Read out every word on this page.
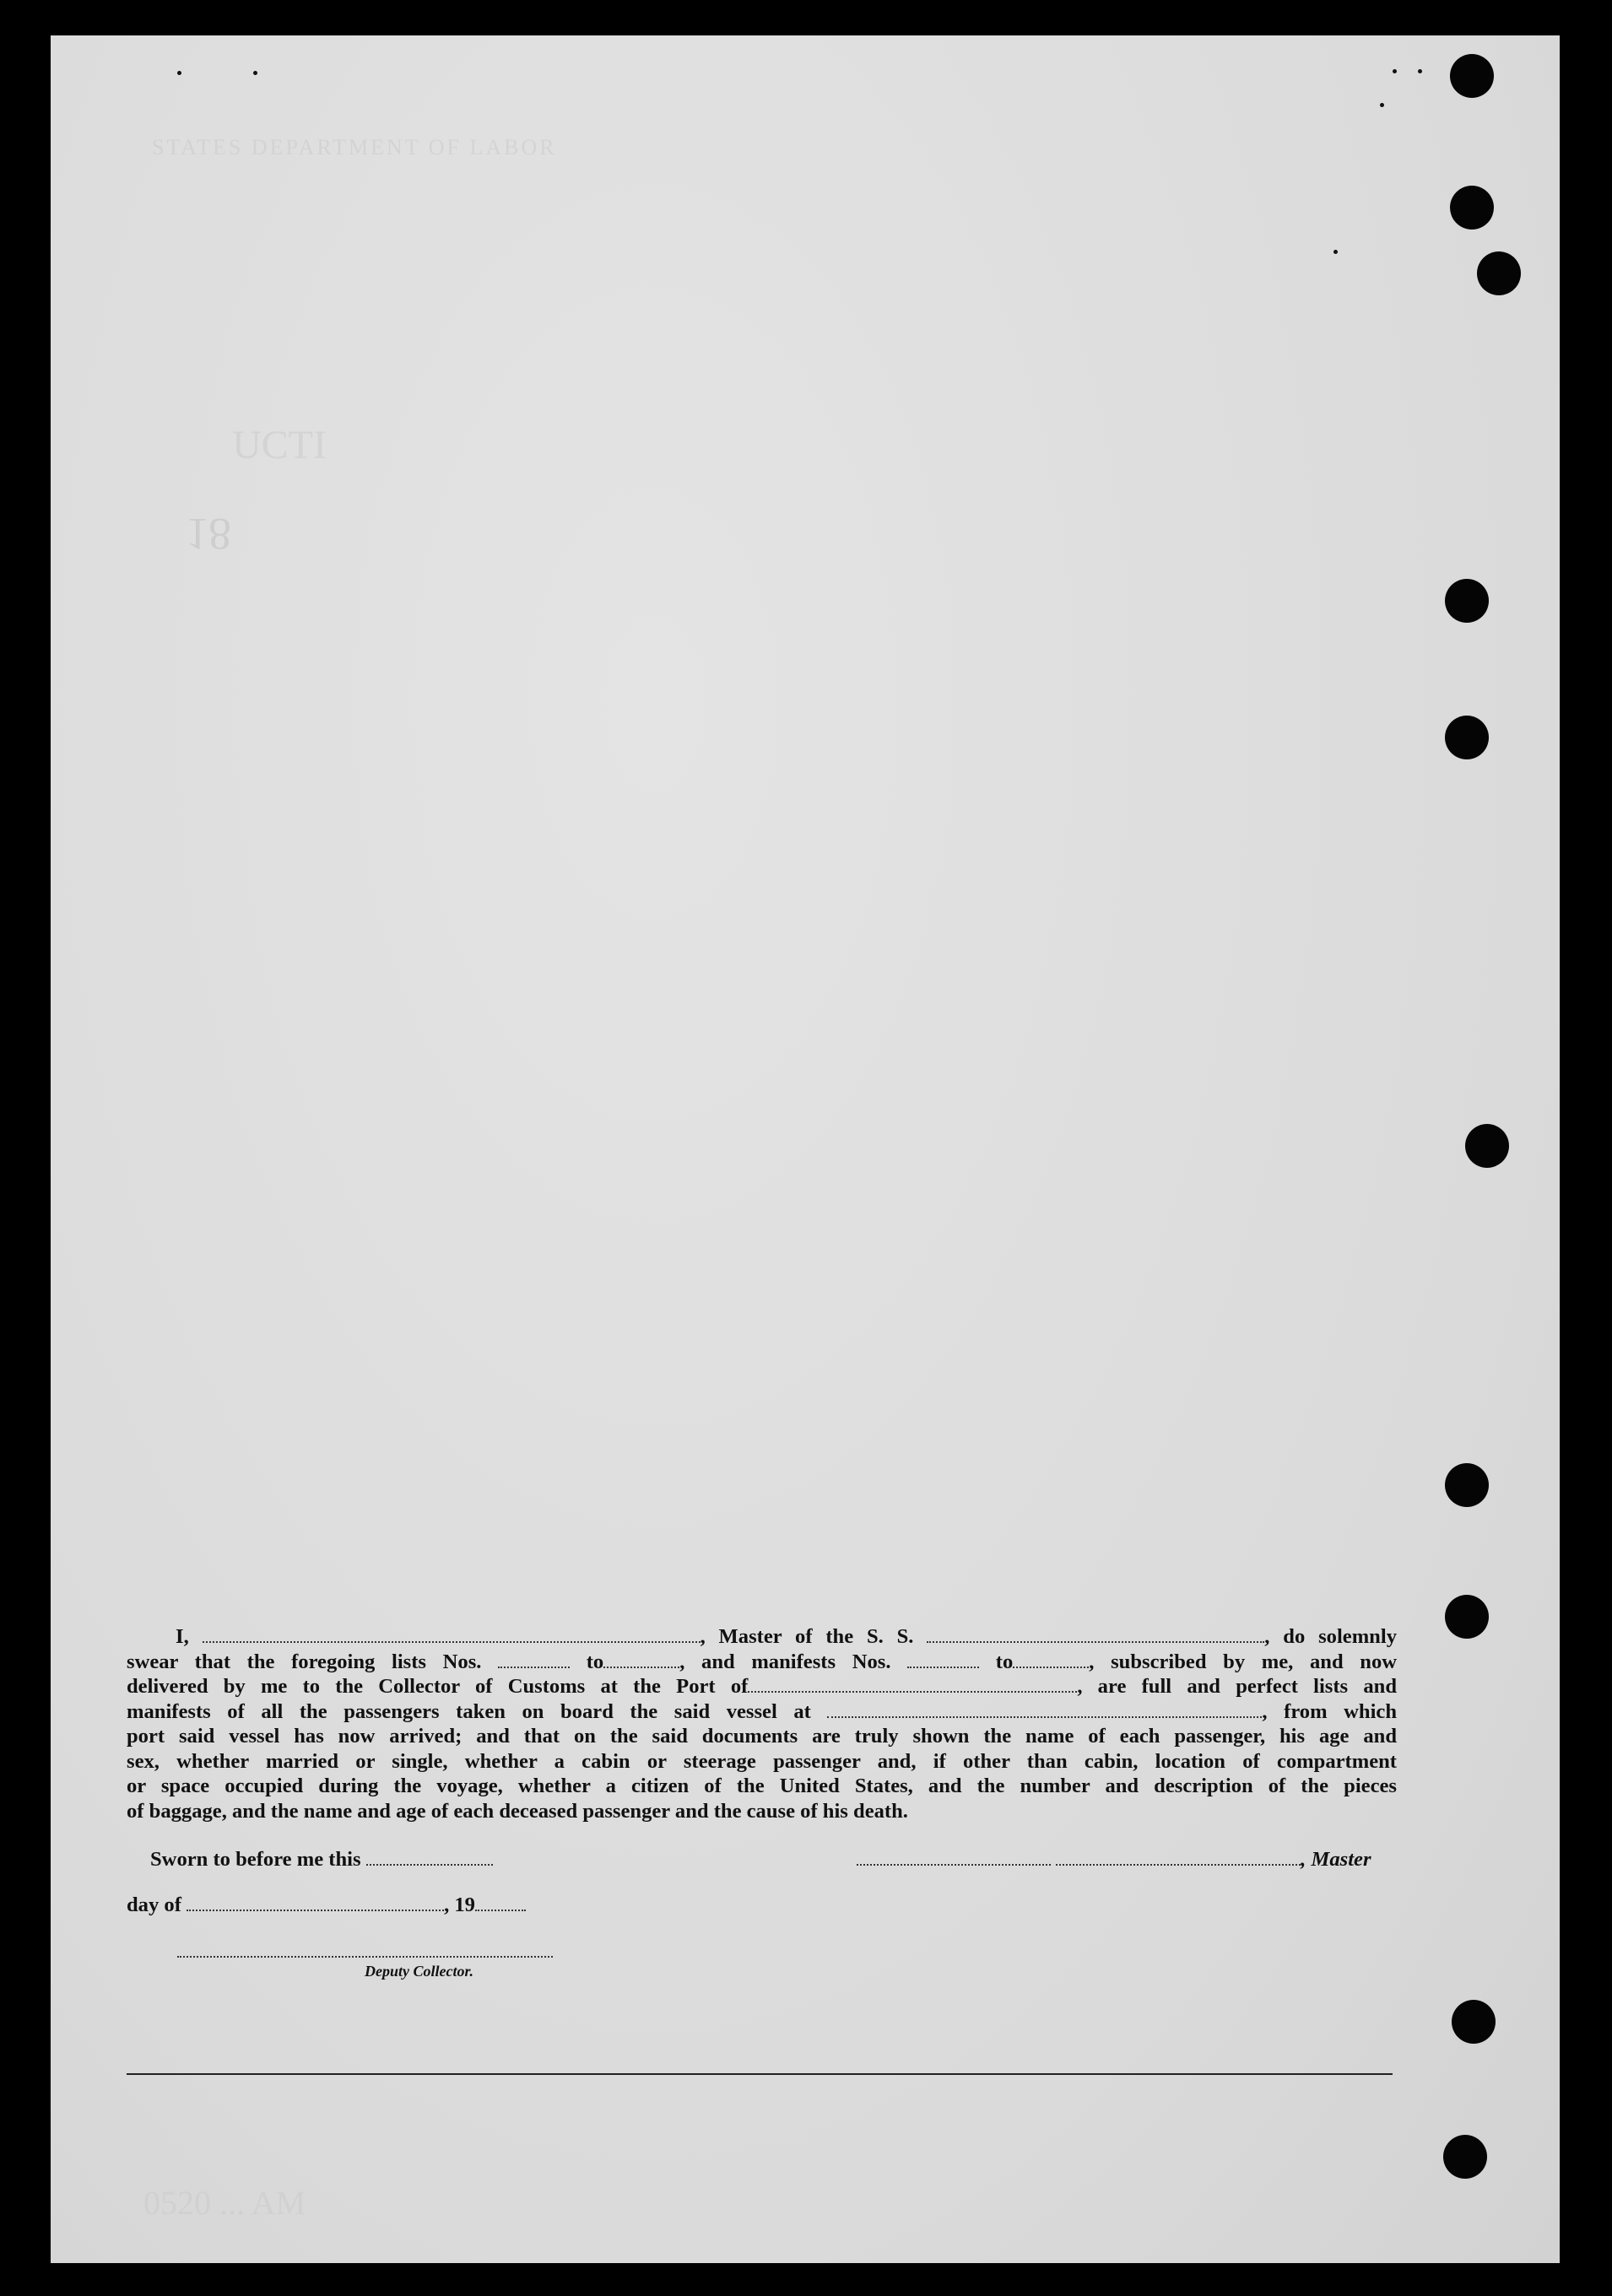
STATES DEPARTMENT OF LABOR
UCTI
18
0520 ... AM
I,	, Master of the S. S.	, do solemnly
swear that the foregoing lists Nos.	to	, and manifests Nos.	to	, subscribed by me, and now
delivered by me to the Collector of Customs at the Port of	, are full and perfect lists and
manifests of all the passengers taken on board the said vessel at	, from which
port said vessel has now arrived; and that on the said documents are truly shown the name of each passenger, his age and
sex, whether married or single, whether a cabin or steerage passenger and, if other than cabin, location of compartment
or space occupied during the voyage, whether a citizen of the United States, and the number and description of the pieces
of baggage, and the name and age of each deceased passenger and the cause of his death.
Sworn to before me this	, Master
day of	, 19
Deputy Collector.
